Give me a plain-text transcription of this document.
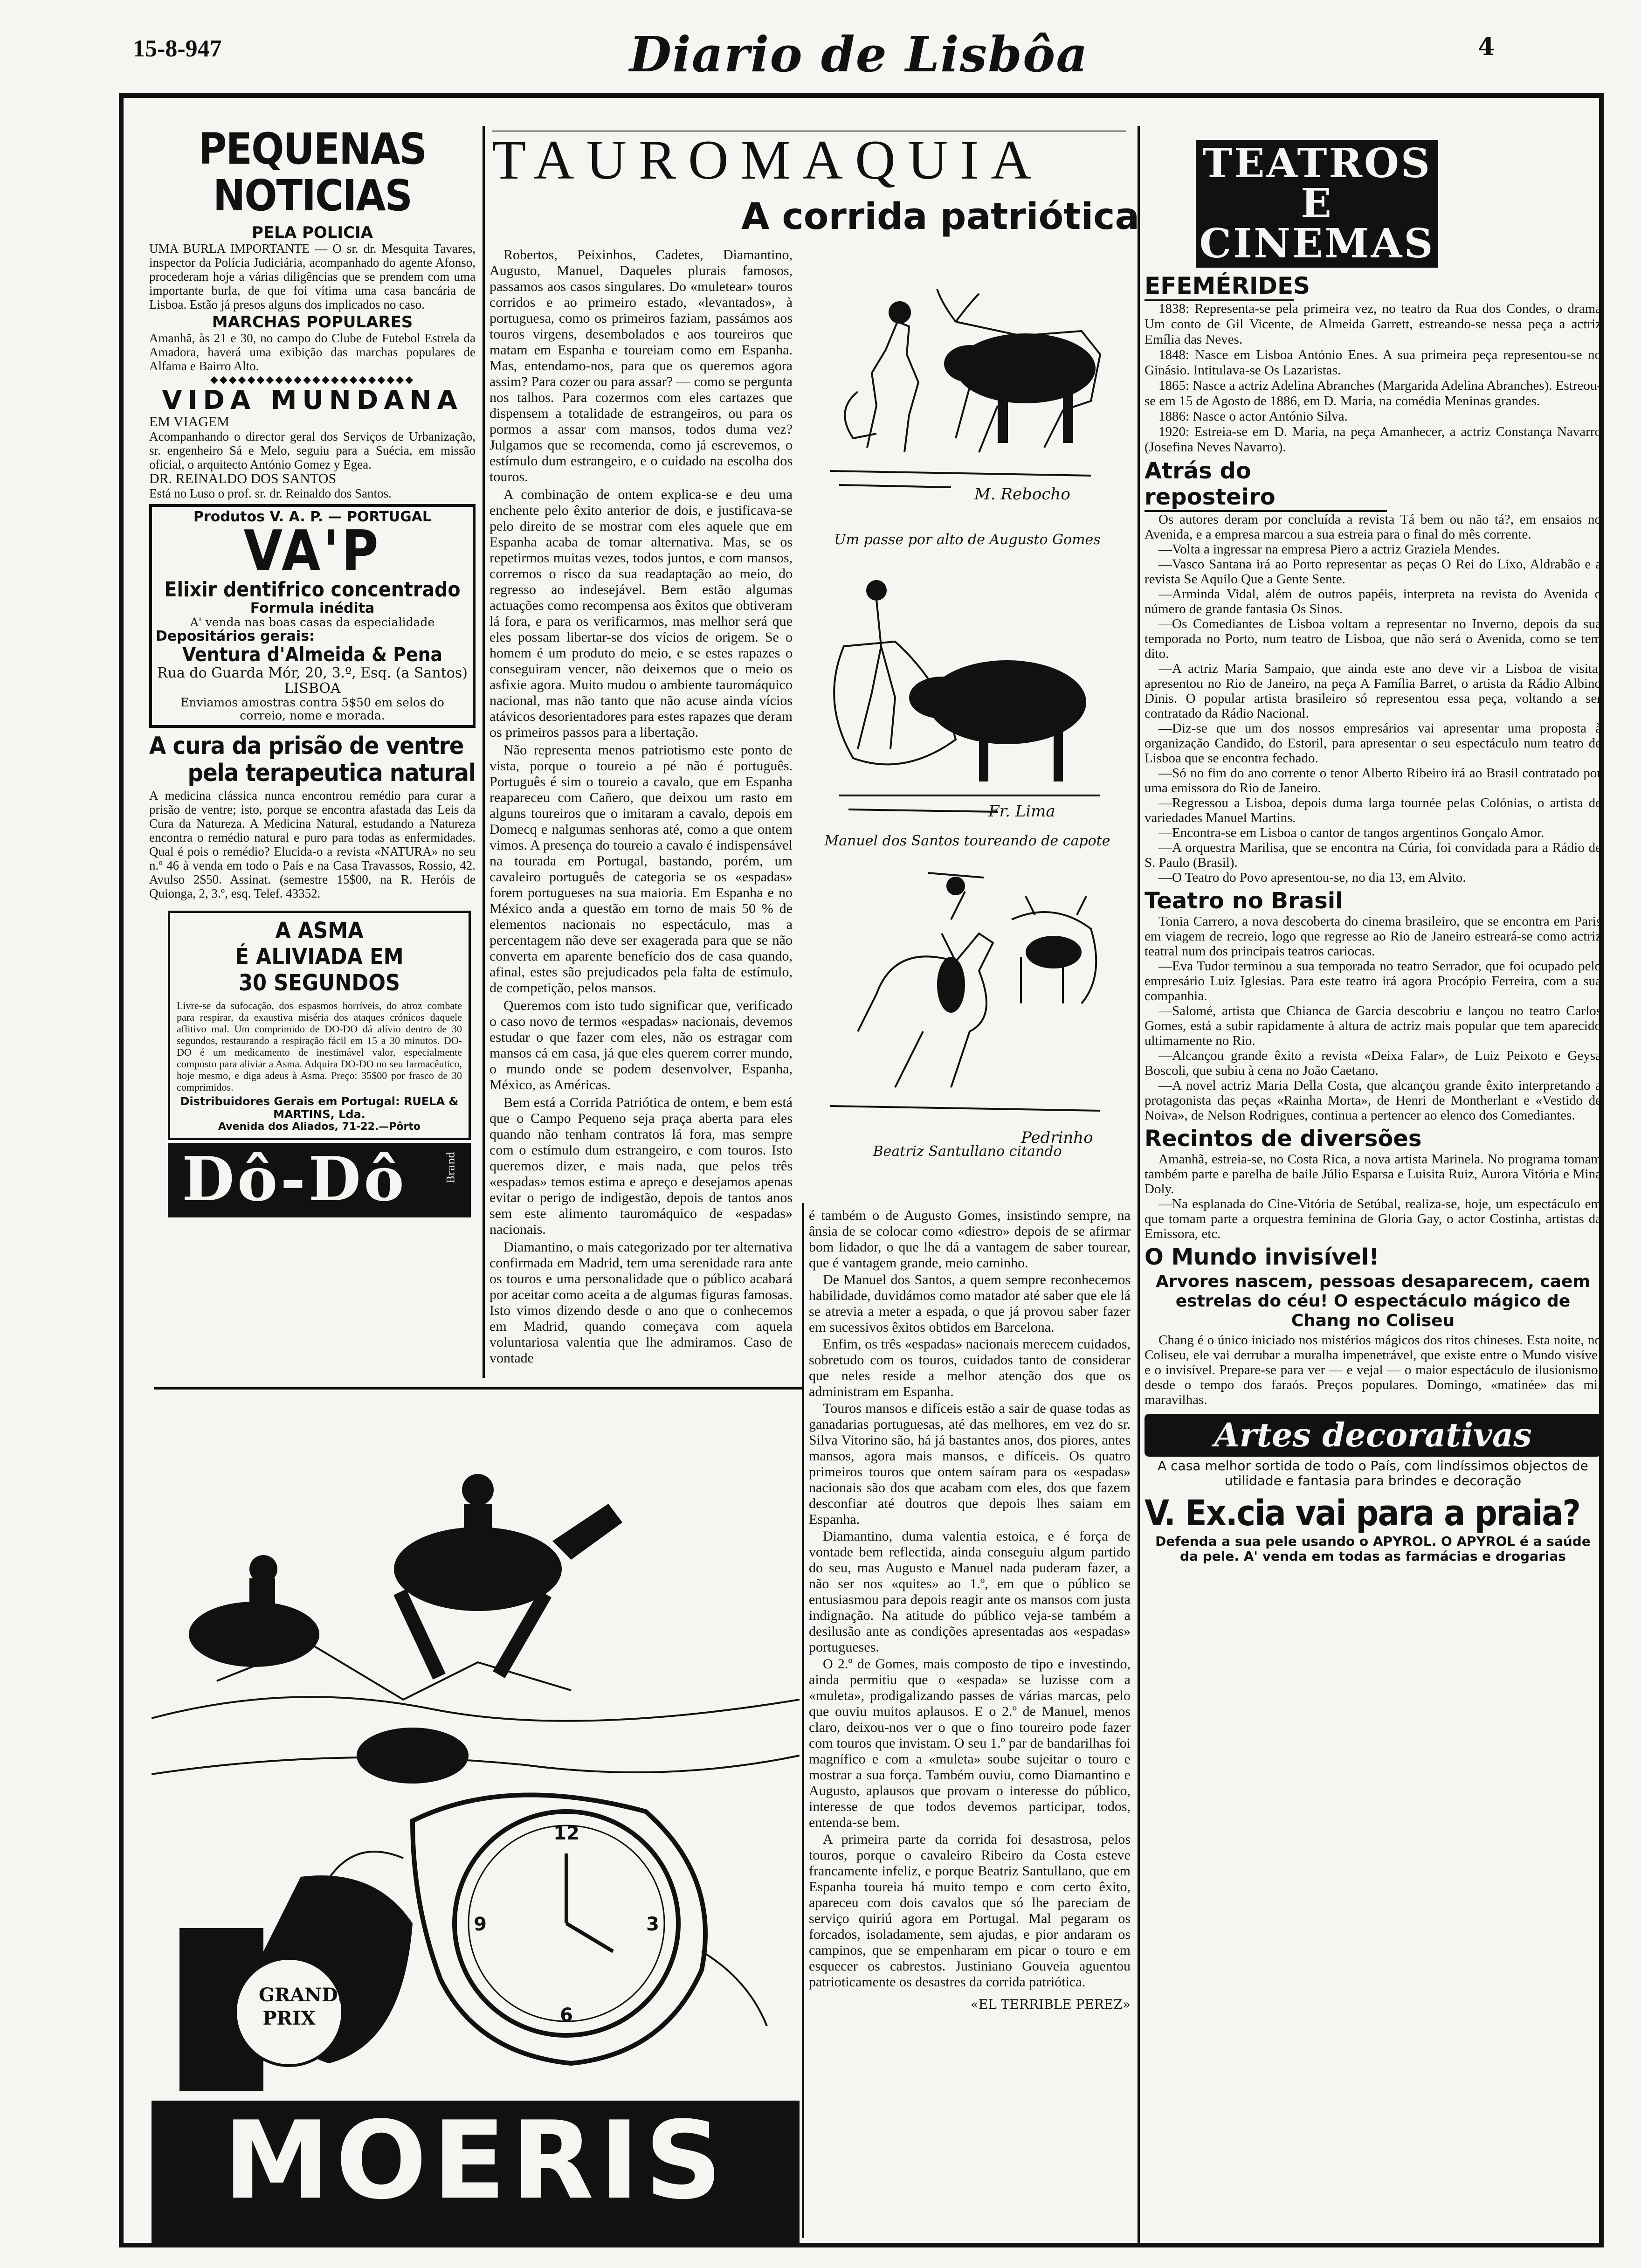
15-8-947	Diario de Lisbôa	4
PEQUENAS NOTICIAS
PELA POLICIA

UMA BURLA IMPORTANTE — O sr. dr. Mesquita Tavares, inspector da Polícia Judiciária, acompanhado do agente Afonso, procederam hoje a várias diligências que se prendem com uma importante burla, de que foi vítima uma casa bancária de Lisboa. Estão já presos alguns dos implicados no caso.

MARCHAS POPULARES

Amanhã, às 21 e 30, no campo do Clube de Futebol Estrela da Amadora, haverá uma exibição das marchas populares de Alfama e Bairro Alto.

◆◆◆◆◆◆◆◆◆◆◆◆◆◆◆◆◆◆◆◆◆◆
VIDA MUNDANA
EM VIAGEM

Acompanhando o director geral dos Serviços de Urbanização, sr. engenheiro Sá e Melo, seguiu para a Suécia, em missão oficial, o arquitecto António Gomez y Egea.

DR. REINALDO DOS SANTOS

Está no Luso o prof. sr. dr. Reinaldo dos Santos.

Produtos V. A. P. — PORTUGAL
VA'P
Elixir dentifrico concentrado
Formula inédita
A' venda nas boas casas da especialidade
Depositários gerais:
Ventura d'Almeida & Pena
Rua do Guarda Mór, 20, 3.º, Esq. (a Santos) LISBOA
Enviamos amostras contra 5$50 em selos do correio, nome e morada.
A cura da prisão de ventre
pela terapeutica natural

A medicina clássica nunca encontrou remédio para curar a prisão de ventre; isto, porque se encontra afastada das Leis da Cura da Natureza. A Medicina Natural, estudando a Natureza encontra o remédio natural e puro para todas as enfermidades. Qual é pois o remédio? Elucida-o a revista «NATURA» no seu n.º 46 à venda em todo o País e na Casa Travassos, Rossio, 42. Avulso 2$50. Assinat. (semestre 15$00, na R. Heróis de Quionga, 2, 3.º, esq. Telef. 43352.

A ASMA
É ALIVIADA EM
30 SEGUNDOS

Livre-se da sufocação, dos espasmos horríveis, do atroz combate para respirar, da exaustiva miséria dos ataques crónicos daquele aflitivo mal. Um comprimido de DO-DO dá alívio dentro de 30 segundos, restaurando a respiração fácil em 15 a 30 minutos. DO-DO é um medicamento de inestimável valor, especialmente composto para aliviar a Asma. Adquira DO-DO no seu farmacêutico, hoje mesmo, e diga adeus à Asma. Preço: 35$00 por frasco de 30 comprimidos.

Distribuidores Gerais em Portugal: RUELA & MARTINS, Lda.
Avenida dos Aliados, 71-22.—Pôrto
Dô-Dô	Brand
TAUROMAQUIA
A corrida patriótica

Robertos, Peixinhos, Cadetes, Diamantino, Augusto, Manuel, Daqueles plurais famosos, passamos aos casos singulares. Do «muletear» touros corridos e ao primeiro estado, «levantados», à portuguesa, como os primeiros faziam, passámos aos touros virgens, desembolados e aos toureiros que matam em Espanha e toureiam como em Espanha. Mas, entendamo-nos, para que os queremos agora assim? Para cozer ou para assar? — como se pergunta nos talhos. Para cozermos com eles cartazes que dispensem a totalidade de estrangeiros, ou para os pormos a assar com mansos, todos duma vez? Julgamos que se recomenda, como já escrevemos, o estímulo dum estrangeiro, e o cuidado na escolha dos touros.

A combinação de ontem explica-se e deu uma enchente pelo êxito anterior de dois, e justificava-se pelo direito de se mostrar com eles aquele que em Espanha acaba de tomar alternativa. Mas, se os repetirmos muitas vezes, todos juntos, e com mansos, corremos o risco da sua readaptação ao meio, do regresso ao indesejável. Bem estão algumas actuações como recompensa aos êxitos que obtiveram lá fora, e para os verificarmos, mas melhor será que eles possam libertar-se dos vícios de origem. Se o homem é um produto do meio, e se estes rapazes o conseguiram vencer, não deixemos que o meio os asfixie agora. Muito mudou o ambiente tauromáquico nacional, mas não tanto que não acuse ainda vícios atávicos desorientadores para estes rapazes que deram os primeiros passos para a libertação.

Não representa menos patriotismo este ponto de vista, porque o toureio a pé não é português. Português é sim o toureio a cavalo, que em Espanha reapareceu com Cañero, que deixou um rasto em alguns toureiros que o imitaram a cavalo, depois em Domecq e nalgumas senhoras até, como a que ontem vimos. A presença do toureio a cavalo é indispensável na tourada em Portugal, bastando, porém, um cavaleiro português de categoria se os «espadas» forem portugueses na sua maioria. Em Espanha e no México anda a questão em torno de mais 50 % de elementos nacionais no espectáculo, mas a percentagem não deve ser exagerada para que se não converta em aparente benefício dos de casa quando, afinal, estes são prejudicados pela falta de estímulo, de competição, pelos mansos.

Queremos com isto tudo significar que, verificado o caso novo de termos «espadas» nacionais, devemos estudar o que fazer com eles, não os estragar com mansos cá em casa, já que eles querem correr mundo, o mundo onde se podem desenvolver, Espanha, México, as Américas.

Bem está a Corrida Patriótica de ontem, e bem está que o Campo Pequeno seja praça aberta para eles quando não tenham contratos lá fora, mas sempre com o estímulo dum estrangeiro, e com touros. Isto queremos dizer, e mais nada, que pelos três «espadas» temos estima e apreço e desejamos apenas evitar o perigo de indigestão, depois de tantos anos sem este alimento tauromáquico de «espadas» nacionais.

Diamantino, o mais categorizado por ter alternativa confirmada em Madrid, tem uma serenidade rara ante os touros e uma personalidade que o público acabará por aceitar como aceita a de algumas figuras famosas. Isto vimos dizendo desde o ano que o conhecemos em Madrid, quando começava com aquela voluntariosa valentia que lhe admiramos. Caso de vontade

M. Rebocho
Um passe por alto de Augusto Gomes
Fr. Lima
Manuel dos Santos toureando de capote
Pedrinho
Beatriz Santullano citando

é também o de Augusto Gomes, insistindo sempre, na ânsia de se colocar como «diestro» depois de se afirmar bom lidador, o que lhe dá a vantagem de saber tourear, que é vantagem grande, meio caminho.

De Manuel dos Santos, a quem sempre reconhecemos habilidade, duvidámos como matador até saber que ele lá se atrevia a meter a espada, o que já provou saber fazer em sucessivos êxitos obtidos em Barcelona.

Enfim, os três «espadas» nacionais merecem cuidados, sobretudo com os touros, cuidados tanto de considerar que neles reside a melhor atenção dos que os administram em Espanha.

Touros mansos e difíceis estão a sair de quase todas as ganadarias portuguesas, até das melhores, em vez do sr. Silva Vitorino são, há já bastantes anos, dos piores, antes mansos, agora mais mansos, e difíceis. Os quatro primeiros touros que ontem saíram para os «espadas» nacionais são dos que acabam com eles, dos que fazem desconfiar até doutros que depois lhes saiam em Espanha.

Diamantino, duma valentia estoica, e é força de vontade bem reflectida, ainda conseguiu algum partido do seu, mas Augusto e Manuel nada puderam fazer, a não ser nos «quites» ao 1.º, em que o público se entusiasmou para depois reagir ante os mansos com justa indignação. Na atitude do público veja-se também a desilusão ante as condições apresentadas aos «espadas» portugueses.

O 2.º de Gomes, mais composto de tipo e investindo, ainda permitiu que o «espada» se luzisse com a «muleta», prodigalizando passes de várias marcas, pelo que ouviu muitos aplausos. E o 2.º de Manuel, menos claro, deixou-nos ver o que o fino toureiro pode fazer com touros que invistam. O seu 1.º par de bandarilhas foi magnífico e com a «muleta» soube sujeitar o touro e mostrar a sua força. Também ouviu, como Diamantino e Augusto, aplausos que provam o interesse do público, interesse de que todos devemos participar, todos, entenda-se bem.

A primeira parte da corrida foi desastrosa, pelos touros, porque o cavaleiro Ribeiro da Costa esteve francamente infeliz, e porque Beatriz Santullano, que em Espanha toureia há muito tempo e com certo êxito, apareceu com dois cavalos que só lhe pareciam de serviço quiriú agora em Portugal. Mal pegaram os forcados, isoladamente, sem ajudas, e pior andaram os campinos, que se empenharam em picar o touro e em esquecer os cabrestos. Justiniano Gouveia aguentou patrioticamente os desastres da corrida patriótica.

«EL TERRIBLE PEREZ»
12
3
6
9
GRANDS
PRIX
MOERIS
TEATROS
E CINEMAS
EFEMÉRIDES

1838: Representa-se pela primeira vez, no teatro da Rua dos Condes, o drama Um conto de Gil Vicente, de Almeida Garrett, estreando-se nessa peça a actriz Emília das Neves.

1848: Nasce em Lisboa António Enes. A sua primeira peça representou-se no Ginásio. Intitulava-se Os Lazaristas.

1865: Nasce a actriz Adelina Abranches (Margarida Adelina Abranches). Estreou-se em 15 de Agosto de 1886, em D. Maria, na comédia Meninas grandes.

1886: Nasce o actor António Silva.

1920: Estreia-se em D. Maria, na peça Amanhecer, a actriz Constança Navarro (Josefina Neves Navarro).

Atrás do reposteiro

Os autores deram por concluída a revista Tá bem ou não tá?, em ensaios no Avenida, e a empresa marcou a sua estreia para o final do mês corrente.

—Volta a ingressar na empresa Piero a actriz Graziela Mendes.

—Vasco Santana irá ao Porto representar as peças O Rei do Lixo, Aldrabão e a revista Se Aquilo Que a Gente Sente.

—Arminda Vidal, além de outros papéis, interpreta na revista do Avenida o número de grande fantasia Os Sinos.

—Os Comediantes de Lisboa voltam a representar no Inverno, depois da sua temporada no Porto, num teatro de Lisboa, que não será o Avenida, como se tem dito.

—A actriz Maria Sampaio, que ainda este ano deve vir a Lisboa de visita, apresentou no Rio de Janeiro, na peça A Família Barret, o artista da Rádio Albino Dinis. O popular artista brasileiro só representou essa peça, voltando a ser contratado da Rádio Nacional.

—Diz-se que um dos nossos empresários vai apresentar uma proposta à organização Candido, do Estoril, para apresentar o seu espectáculo num teatro de Lisboa que se encontra fechado.

—Só no fim do ano corrente o tenor Alberto Ribeiro irá ao Brasil contratado por uma emissora do Rio de Janeiro.

—Regressou a Lisboa, depois duma larga tournée pelas Colónias, o artista de variedades Manuel Martins.

—Encontra-se em Lisboa o cantor de tangos argentinos Gonçalo Amor.

—A orquestra Marilisa, que se encontra na Cúria, foi convidada para a Rádio de S. Paulo (Brasil).

—O Teatro do Povo apresentou-se, no dia 13, em Alvito.

Teatro no Brasil

Tonia Carrero, a nova descoberta do cinema brasileiro, que se encontra em Paris em viagem de recreio, logo que regresse ao Rio de Janeiro estreará-se como actriz teatral num dos principais teatros cariocas.

—Eva Tudor terminou a sua temporada no teatro Serrador, que foi ocupado pelo empresário Luiz Iglesias. Para este teatro irá agora Procópio Ferreira, com a sua companhia.

—Salomé, artista que Chianca de Garcia descobriu e lançou no teatro Carlos Gomes, está a subir rapidamente à altura de actriz mais popular que tem aparecido ultimamente no Rio.

—Alcançou grande êxito a revista «Deixa Falar», de Luiz Peixoto e Geysa Boscoli, que subiu à cena no João Caetano.

—A novel actriz Maria Della Costa, que alcançou grande êxito interpretando a protagonista das peças «Rainha Morta», de Henri de Montherlant e «Vestido de Noiva», de Nelson Rodrigues, continua a pertencer ao elenco dos Comediantes.

Recintos de diversões

Amanhã, estreia-se, no Costa Rica, a nova artista Marinela. No programa tomam também parte e parelha de baile Júlio Esparsa e Luisita Ruiz, Aurora Vitória e Mina Doly.

—Na esplanada do Cine-Vitória de Setúbal, realiza-se, hoje, um espectáculo em que tomam parte a orquestra feminina de Gloria Gay, o actor Costinha, artistas da Emissora, etc.

O Mundo invisível!
Arvores nascem, pessoas desaparecem, caem estrelas do céu! O espectáculo mágico de Chang no Coliseu

Chang é o único iniciado nos mistérios mágicos dos ritos chineses. Esta noite, no Coliseu, ele vai derrubar a muralha impenetrável, que existe entre o Mundo visível e o invisível. Prepare-se para ver — e vejal — o maior espectáculo de ilusionismo, desde o tempo dos faraós. Preços populares. Domingo, «matinée» das mil maravilhas.

Artes decorativas

A casa melhor sortida de todo o País, com lindíssimos objectos de utilidade e fantasia para brindes e decoração

V. Ex.cia vai para a praia?

Defenda a sua pele usando o APYROL. O APYROL é a saúde da pele. A' venda em todas as farmácias e drogarias
